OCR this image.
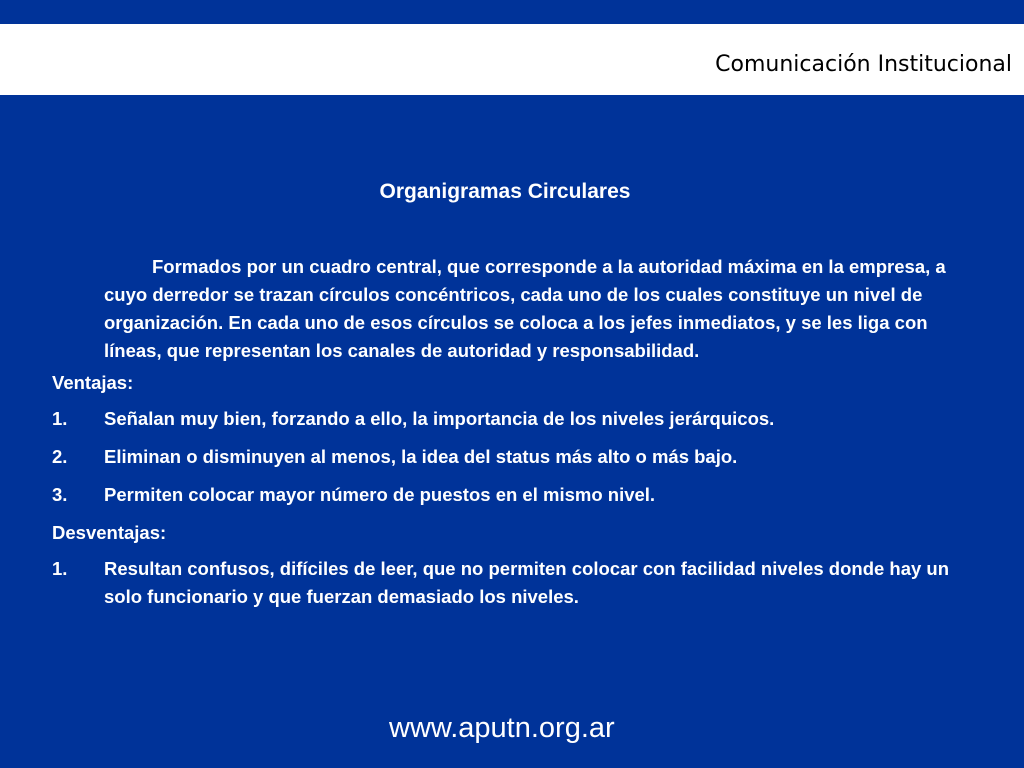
Comunicación Institucional
Organigramas Circulares

Formados por un cuadro central, que corresponde a la autoridad máxima en la empresa, a cuyo derredor se trazan círculos concéntricos, cada uno de los cuales constituye un nivel de organización. En cada uno de esos círculos se coloca a los jefes inmediatos, y se les liga con líneas, que representan los canales de autoridad y responsabilidad.

Ventajas:
1.	Señalan muy bien, forzando a ello, la importancia de los niveles jerárquicos.
2.	Eliminan o disminuyen al menos, la idea del status más alto o más bajo.
3.	Permiten colocar mayor número de puestos en el mismo nivel.
Desventajas:
1.	Resultan confusos, difíciles de leer, que no permiten colocar con facilidad niveles donde hay un solo funcionario y que fuerzan demasiado los niveles.
www.aputn.org.ar
